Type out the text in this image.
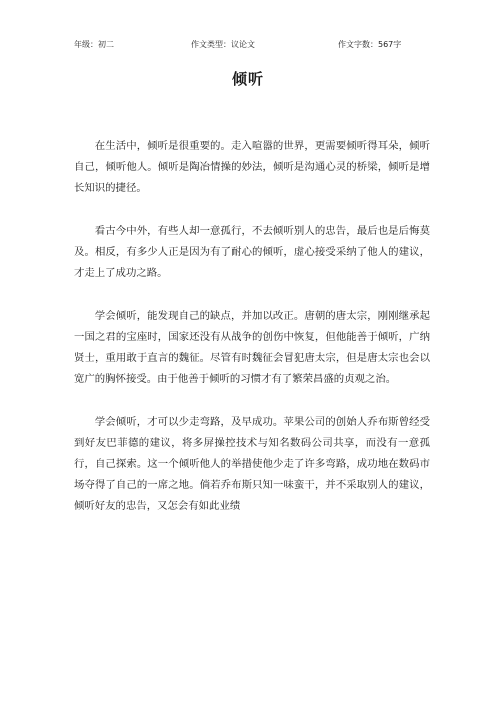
年级：初二	作文类型：议论文	作文字数：567字
倾听

在生活中，倾听是很重要的。走入喧嚣的世界，更需要倾听得耳朵，倾听自己，倾听他人。倾听是陶冶情操的妙法，倾听是沟通心灵的桥梁，倾听是增长知识的捷径。

看古今中外，有些人却一意孤行，不去倾听别人的忠告，最后也是后悔莫及。相反，有多少人正是因为有了耐心的倾听，虚心接受采纳了他人的建议，才走上了成功之路。

学会倾听，能发现自己的缺点，并加以改正。唐朝的唐太宗，刚刚继承起一国之君的宝座时，国家还没有从战争的创伤中恢复，但他能善于倾听，广纳贤士，重用敢于直言的魏征。尽管有时魏征会冒犯唐太宗，但是唐太宗也会以宽广的胸怀接受。由于他善于倾听的习惯才有了繁荣昌盛的贞观之治。

学会倾听，才可以少走弯路，及早成功。苹果公司的创始人乔布斯曾经受到好友巴菲德的建议，将多屏操控技术与知名数码公司共享，而没有一意孤行，自己探索。这一个倾听他人的举措使他少走了许多弯路，成功地在数码市场夺得了自己的一席之地。倘若乔布斯只知一味蛮干，并不采取别人的建议，倾听好友的忠告，又怎会有如此业绩
